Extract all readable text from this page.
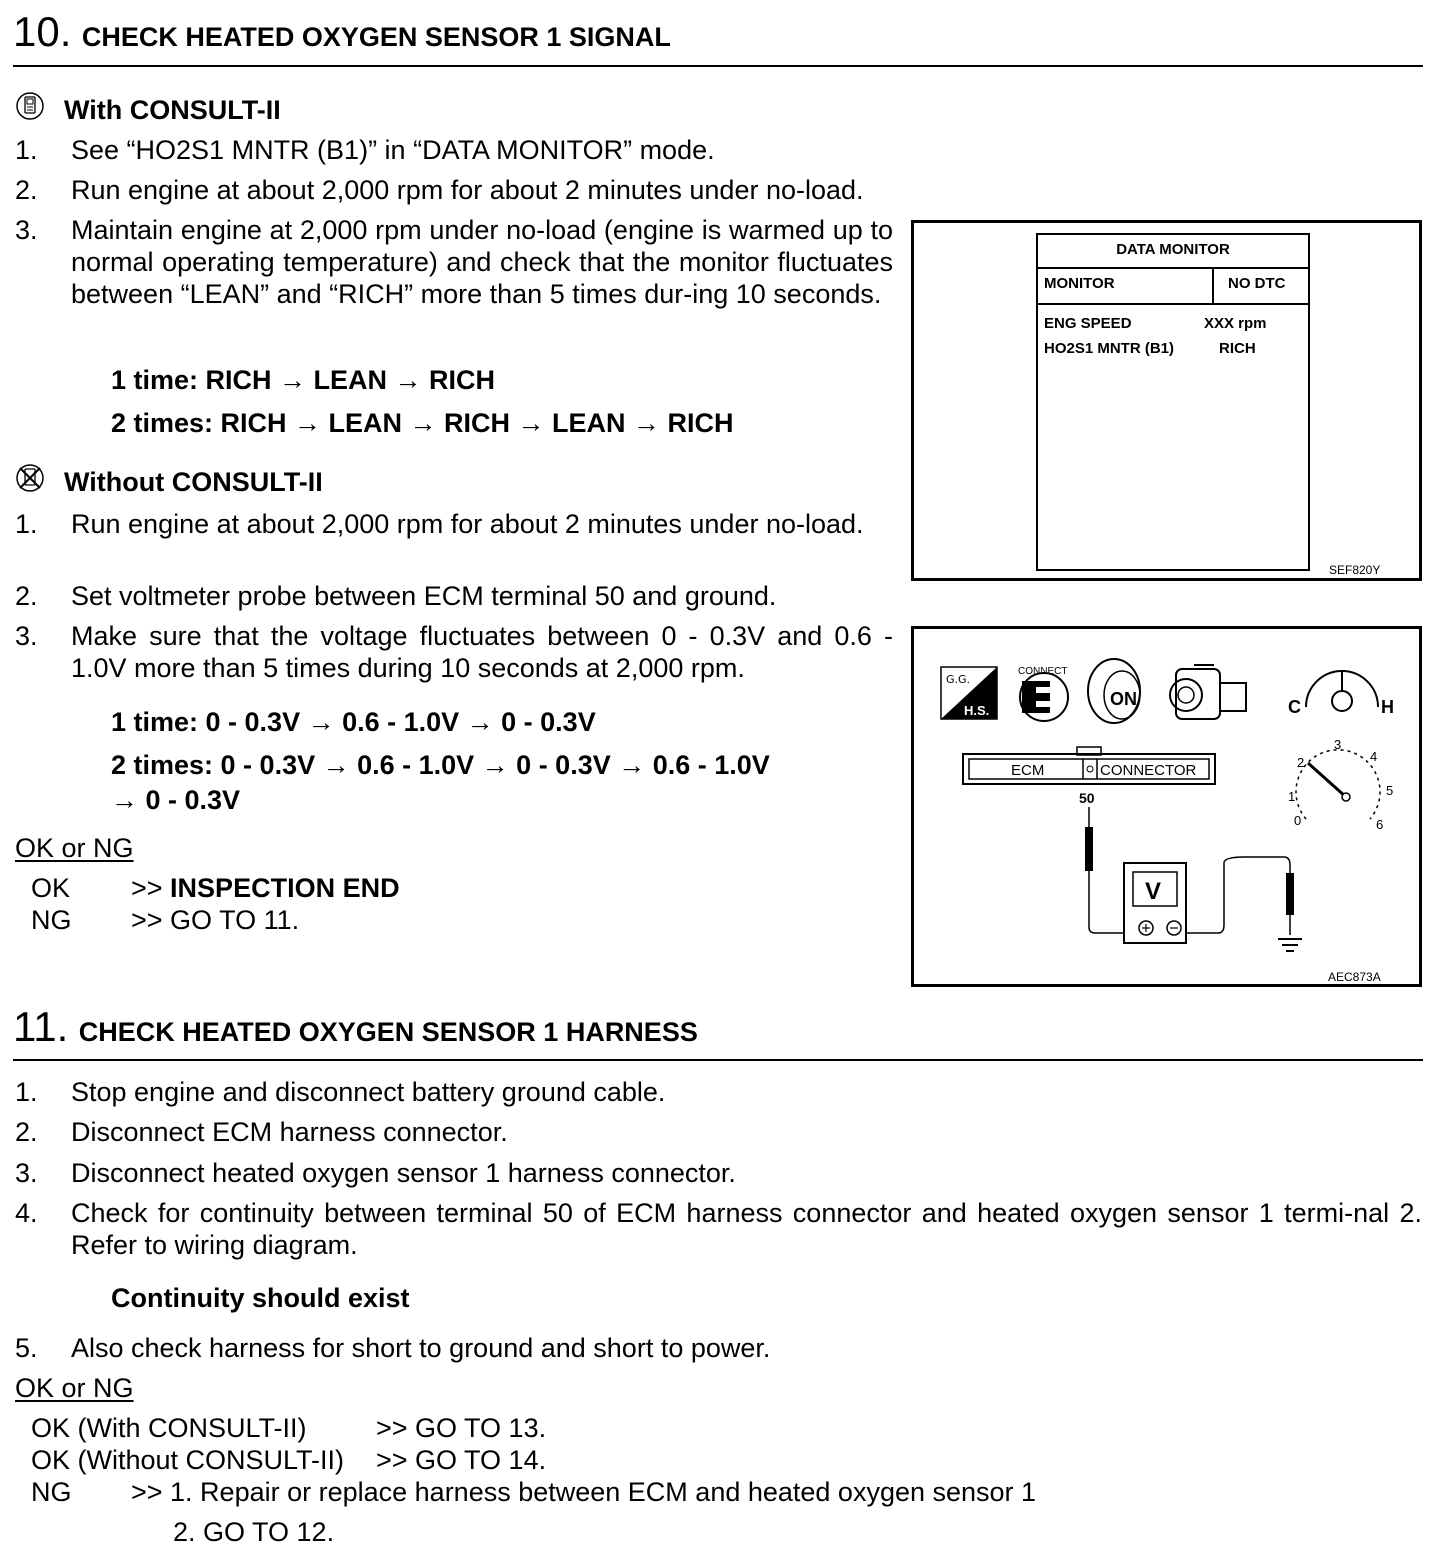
10. CHECK HEATED OXYGEN SENSOR 1 SIGNAL
With CONSULT-II
1. See “HO2S1 MNTR (B1)” in “DATA MONITOR” mode.
2. Run engine at about 2,000 rpm for about 2 minutes under no-load.
3. Maintain engine at 2,000 rpm under no-load (engine is warmed up to normal operating temperature) and check that the monitor fluctuates between “LEAN” and “RICH” more than 5 times dur-ing 10 seconds.
1 time: RICH → LEAN → RICH
2 times: RICH → LEAN → RICH → LEAN → RICH
Without CONSULT-II
1. Run engine at about 2,000 rpm for about 2 minutes under no-load.
2. Set voltmeter probe between ECM terminal 50 and ground.
3. Make sure that the voltage fluctuates between 0 - 0.3V and 0.6 - 1.0V more than 5 times during 10 seconds at 2,000 rpm.
1 time: 0 - 0.3V → 0.6 - 1.0V → 0 - 0.3V
2 times: 0 - 0.3V → 0.6 - 1.0V → 0 - 0.3V → 0.6 - 1.0V
→ 0 - 0.3V
OK or NG
OK >> INSPECTION END
NG >> GO TO 11.
DATA MONITOR
MONITOR	NO DTC
ENG SPEED	XXX rpm
HO2S1 MNTR (B1)	RICH
SEF820Y
G.G.
H.S.
CONNECT
ON	C	H
ECM	CONNECTOR
50
V
0
1
2
3
4
5
6
AEC873A
11. CHECK HEATED OXYGEN SENSOR 1 HARNESS
1. Stop engine and disconnect battery ground cable.
2. Disconnect ECM harness connector.
3. Disconnect heated oxygen sensor 1 harness connector.
4. Check for continuity between terminal 50 of ECM harness connector and heated oxygen sensor 1 termi-nal 2. Refer to wiring diagram.
Continuity should exist
5. Also check harness for short to ground and short to power.
OK or NG
OK (With CONSULT-II)	>> GO TO 13.
OK (Without CONSULT-II) >> GO TO 14.
NG >> 1. Repair or replace harness between ECM and heated oxygen sensor 1
2. GO TO 12.
